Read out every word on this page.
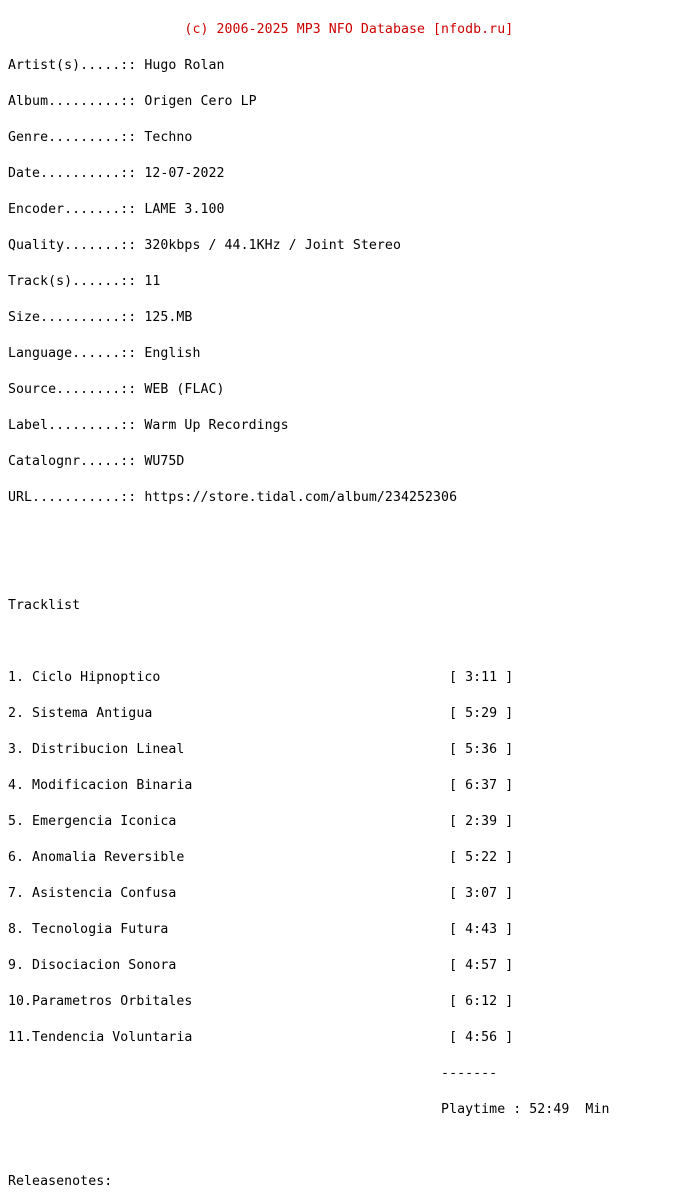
(c) 2006-2025 MP3 NFO Database [nfodb.ru]

Artist(s).....:: Hugo Rolan

Album.........:: Origen Cero LP

Genre.........:: Techno

Date..........:: 12-07-2022

Encoder.......:: LAME 3.100

Quality.......:: 320kbps / 44.1KHz / Joint Stereo

Track(s)......:: 11

Size..........:: 125.MB

Language......:: English

Source........:: WEB (FLAC)

Label.........:: Warm Up Recordings

Catalognr.....:: WU75D

URL...........:: https://store.tidal.com/album/234252306

Tracklist

1. Ciclo Hipnoptico                                    [ 3:11 ]

2. Sistema Antigua                                     [ 5:29 ]

3. Distribucion Lineal                                 [ 5:36 ]

4. Modificacion Binaria                                [ 6:37 ]

5. Emergencia Iconica                                  [ 2:39 ]

6. Anomalia Reversible                                 [ 5:22 ]

7. Asistencia Confusa                                  [ 3:07 ]

8. Tecnologia Futura                                   [ 4:43 ]

9. Disociacion Sonora                                  [ 4:57 ]

10.Parametros Orbitales                                [ 6:12 ]

11.Tendencia Voluntaria                                [ 4:56 ]

-------

Playtime : 52:49  Min

Releasenotes:
